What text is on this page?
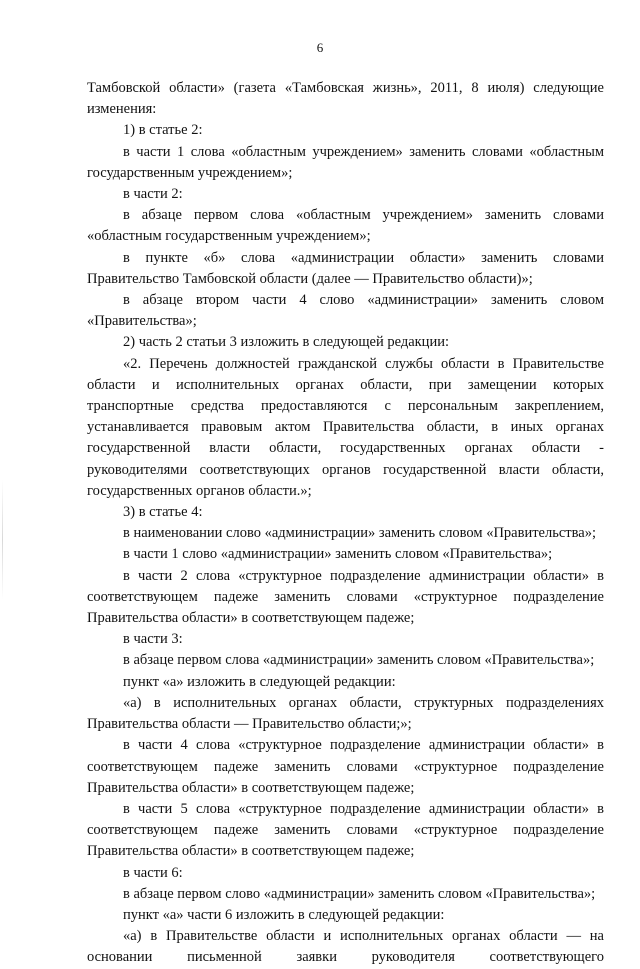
6

Тамбовской области» (газета «Тамбовская жизнь», 2011, 8 июля) следующие изменения:

1) в статье 2:

в части 1 слова «областным учреждением» заменить словами «областным государственным учреждением»;

в части 2:

в абзаце первом слова «областным учреждением» заменить словами «областным государственным учреждением»;

в пункте «б» слова «администрации области» заменить словами Правительство Тамбовской области (далее — Правительство области)»;

в абзаце втором части 4 слово «администрации» заменить словом «Правительства»;

2) часть 2 статьи 3 изложить в следующей редакции:

«2. Перечень должностей гражданской службы области в Правительстве области и исполнительных органах области, при замещении которых транспортные средства предоставляются с персональным закреплением, устанавливается правовым актом Правительства области, в иных органах государственной власти области, государственных органах области - руководителями соответствующих органов государственной власти области, государственных органов области.»;

3) в статье 4:

в наименовании слово «администрации» заменить словом «Правительства»;

в части 1 слово «администрации» заменить словом «Правительства»;

в части 2 слова «структурное подразделение администрации области» в соответствующем падеже заменить словами «структурное подразделение Правительства области» в соответствующем падеже;

в части 3:

в абзаце первом слова «администрации» заменить словом «Правительства»;

пункт «а» изложить в следующей редакции:

«а) в исполнительных органах области, структурных подразделениях Правительства области — Правительство области;»;

в части 4 слова «структурное подразделение администрации области» в соответствующем падеже заменить словами «структурное подразделение Правительства области» в соответствующем падеже;

в части 5 слова «структурное подразделение администрации области» в соответствующем падеже заменить словами «структурное подразделение Правительства области» в соответствующем падеже;

в части 6:

в абзаце первом слово «администрации» заменить словом «Правительства»;

пункт «а» части 6 изложить в следующей редакции:

«а) в Правительстве области и исполнительных органах области — на основании письменной заявки руководителя соответствующего
